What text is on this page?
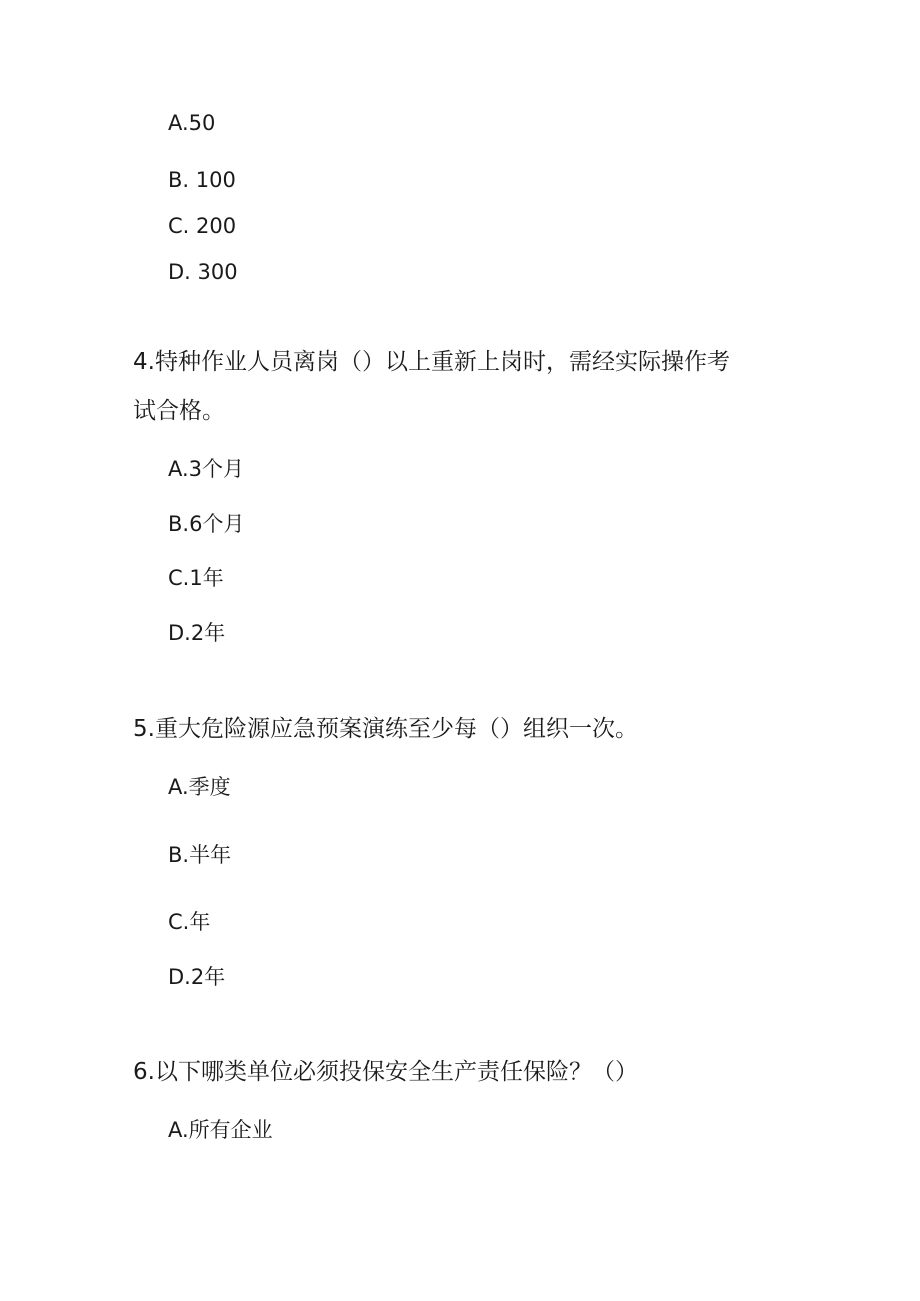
A.50
B. 100
C. 200
D. 300
4.特种作业人员离岗（）以上重新上岗时，需经实际操作考
试合格。
A.3个月
B.6个月
C.1年
D.2年
5.重大危险源应急预案演练至少每（）组织一次。
A.季度
B.半年
C.年
D.2年
6.以下哪类单位必须投保安全生产责任保险？（）
A.所有企业
